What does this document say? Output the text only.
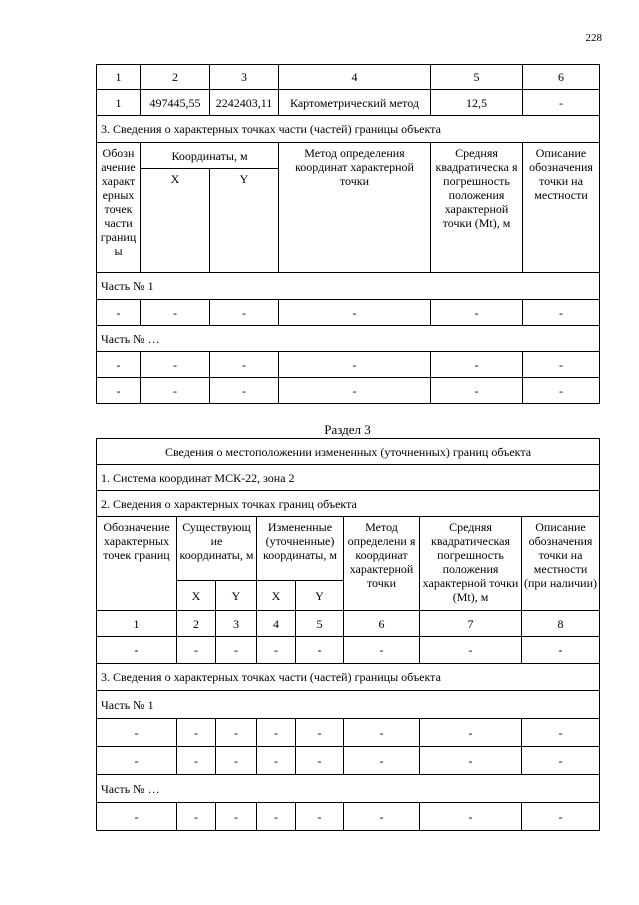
228
1	2	3	4	5	6
1	497445,55	2242403,11	Картометрический метод	12,5	-
3. Сведения о характерных точках части (частей) границы объекта					
Обозн ачение характ ерных точек части границ ы	Координаты, м		Метод определения координат характерной точки	Средняя квадратическа я погрешность положения характерной точки (Mt), м	Описание обозначения точки на местности
	X	Y			
Часть № 1					
-	-	-	-	-	-
Часть № …					
-	-	-	-	-	-
-	-	-	-	-	-
Раздел 3
Сведения о местоположении измененных (уточненных) границ объекта							
1. Система координат МСК-22, зона 2							
2. Сведения о характерных точках границ объекта							
Обозначение характерных точек границ	Существующ ие координаты, м		Измененные (уточненные) координаты, м		Метод определени я координат характерной точки	Средняя квадратическая погрешность положения характерной точки (Mt), м	Описание обозначения точки на местности (при наличии)
	X	Y	X	Y			
1	2	3	4	5	6	7	8
-	-	-	-	-	-	-	-
3. Сведения о характерных точках части (частей) границы объекта							
Часть № 1							
-	-	-	-	-	-	-	-
-	-	-	-	-	-	-	-
Часть № …							
-	-	-	-	-	-	-	-
